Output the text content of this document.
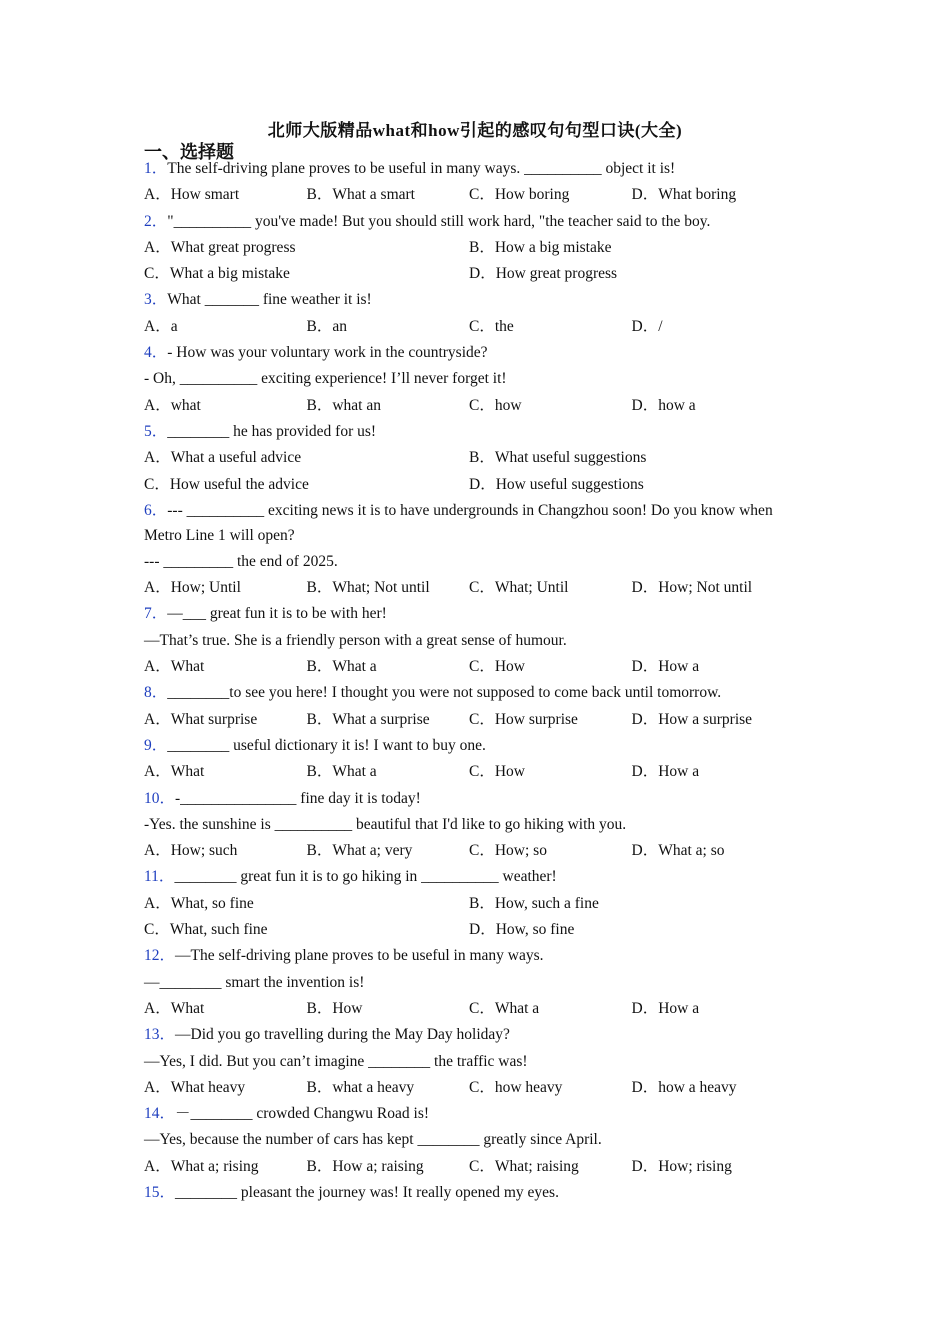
北师大版精品what和how引起的感叹句句型口诀(大全)
一、选择题
1．The self-driving plane proves to be useful in many ways. __________ object it is!
A．How smart	B．What a smart	C．How boring	D．What boring
2．"__________ you've made! But you should still work hard, "the teacher said to the boy.
A．What great progress	B．How a big mistake
C．What a big mistake	D．How great progress
3．What _______ fine weather it is!
A．a	B．an	C．the	D．/
4．- How was your voluntary work in the countryside?
- Oh, __________ exciting experience! I’ll never forget it!
A．what	B．what an	C．how	D．how a
5．________ he has provided for us!
A．What a useful advice	B．What useful suggestions
C．How useful the advice	D．How useful suggestions
6．--- __________ exciting news it is to have undergrounds in Changzhou soon! Do you know when Metro Line 1 will open?
--- _________ the end of 2025.
A．How; Until	B．What; Not until	C．What; Until	D．How; Not until
7．—___ great fun it is to be with her!
—That’s true. She is a friendly person with a great sense of humour.
A．What	B．What a	C．How	D．How a
8．________to see you here! I thought you were not supposed to come back until tomorrow.
A．What surprise	B．What a surprise	C．How surprise	D．How a surprise
9．________ useful dictionary it is! I want to buy one.
A．What	B．What a	C．How	D．How a
10．-_______________ fine day it is today!
-Yes. the sunshine is __________ beautiful that I'd like to go hiking with you.
A．How; such	B．What a; very	C．How; so	D．What a; so
11．________ great fun it is to go hiking in __________ weather!
A．What, so fine	B．How, such a fine
C．What, such fine	D．How, so fine
12．—The self-driving plane proves to be useful in many ways.
—________ smart the invention is!
A．What	B．How	C．What a	D．How a
13．—Did you go travelling during the May Day holiday?
—Yes, I did. But you can’t imagine ________ the traffic was!
A．What heavy	B．what a heavy	C．how heavy	D．how a heavy
14．－________ crowded Changwu Road is!
—Yes, because the number of cars has kept ________ greatly since April.
A．What a; rising	B．How a; raising	C．What; raising	D．How; rising
15．________ pleasant the journey was! It really opened my eyes.
